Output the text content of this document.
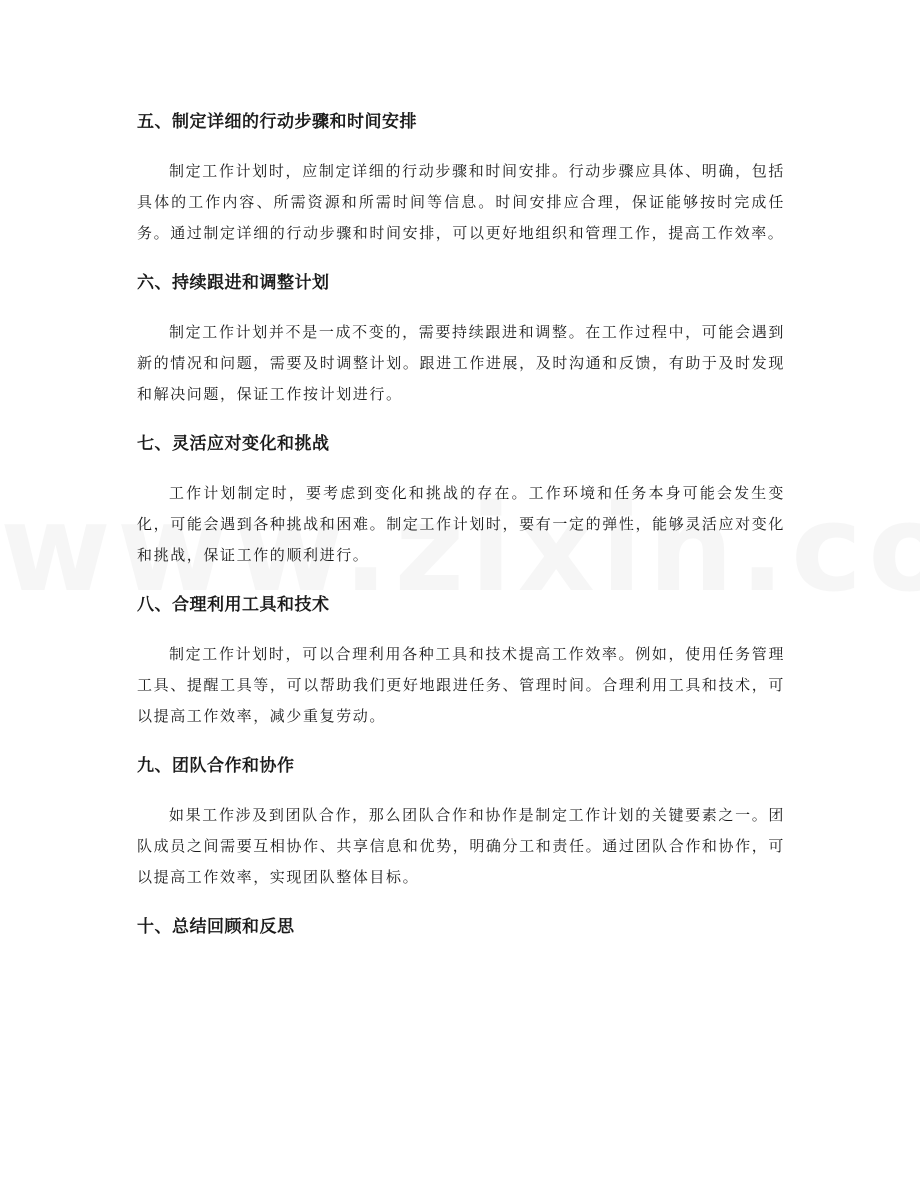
五、制定详细的行动步骤和时间安排

制定工作计划时，应制定详细的行动步骤和时间安排。行动步骤应具体、明确，包括具体的工作内容、所需资源和所需时间等信息。时间安排应合理，保证能够按时完成任务。通过制定详细的行动步骤和时间安排，可以更好地组织和管理工作，提高工作效率。

六、持续跟进和调整计划

制定工作计划并不是一成不变的，需要持续跟进和调整。在工作过程中，可能会遇到新的情况和问题，需要及时调整计划。跟进工作进展，及时沟通和反馈，有助于及时发现和解决问题，保证工作按计划进行。

七、灵活应对变化和挑战

工作计划制定时，要考虑到变化和挑战的存在。工作环境和任务本身可能会发生变化，可能会遇到各种挑战和困难。制定工作计划时，要有一定的弹性，能够灵活应对变化和挑战，保证工作的顺利进行。

八、合理利用工具和技术

制定工作计划时，可以合理利用各种工具和技术提高工作效率。例如，使用任务管理工具、提醒工具等，可以帮助我们更好地跟进任务、管理时间。合理利用工具和技术，可以提高工作效率，减少重复劳动。

九、团队合作和协作

如果工作涉及到团队合作，那么团队合作和协作是制定工作计划的关键要素之一。团队成员之间需要互相协作、共享信息和优势，明确分工和责任。通过团队合作和协作，可以提高工作效率，实现团队整体目标。

十、总结回顾和反思
